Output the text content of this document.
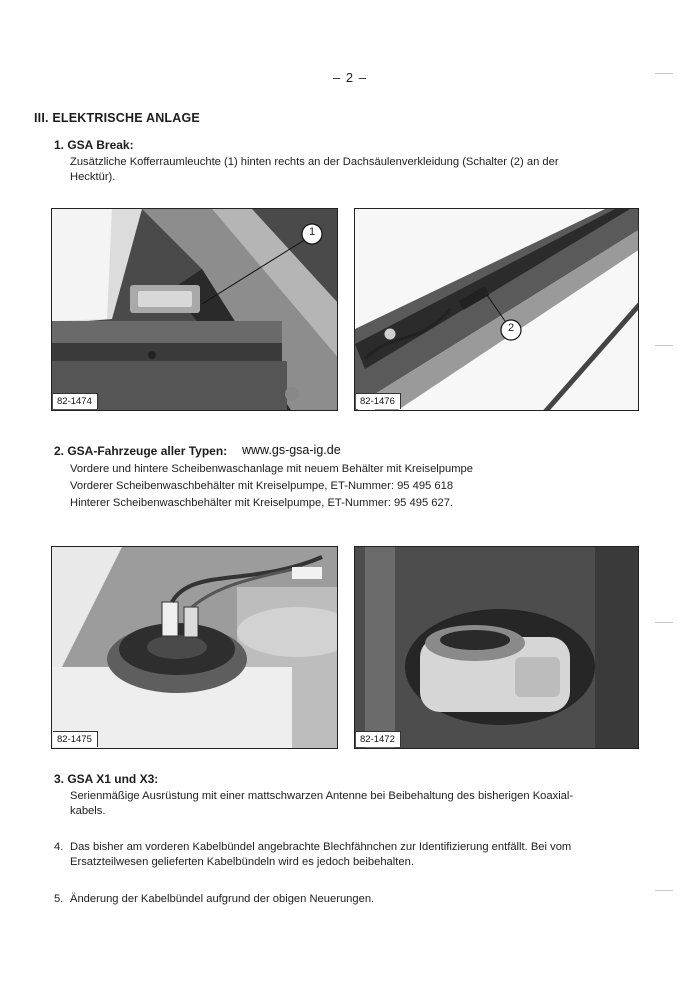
– 2 –
III. ELEKTRISCHE ANLAGE
1. GSA Break:
Zusätzliche Kofferraumleuchte (1) hinten rechts an der Dachsäulenverkleidung (Schalter (2) an der
Hecktür).
1
82-1474
2
82-1476
2. GSA-Fahrzeuge aller Typen: www.gs-gsa-ig.de
Vordere und hintere Scheibenwaschanlage mit neuem Behälter mit Kreiselpumpe
Vorderer Scheibenwaschbehälter mit Kreiselpumpe, ET-Nummer: 95 495 618
Hinterer Scheibenwaschbehälter mit Kreiselpumpe, ET-Nummer: 95 495 627.
82-1475	82-1472
3. GSA X1 und X3:
Serienmäßige Ausrüstung mit einer mattschwarzen Antenne bei Beibehaltung des bisherigen Koaxial-
kabels.
4. Das bisher am vorderen Kabelbündel angebrachte Blechfähnchen zur Identifizierung entfällt. Bei vom
Ersatzteilwesen gelieferten Kabelbündeln wird es jedoch beibehalten.
5. Änderung der Kabelbündel aufgrund der obigen Neuerungen.
